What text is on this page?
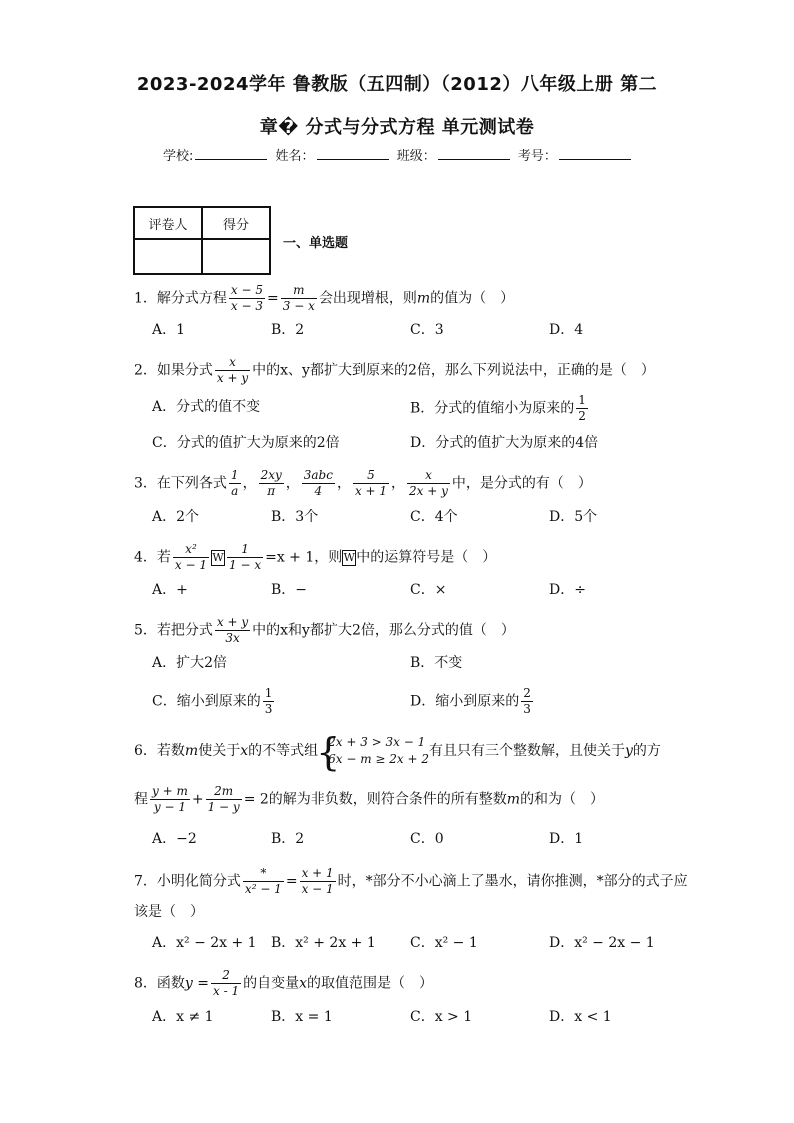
2023-2024学年 鲁教版（五四制）（2012）八年级上册 第二
章� 分式与分式方程 单元测试卷
学校:	姓名：	班级：	考号：
评卷人	得分

一、单选题
1．解分式方程 $\frac{x - 5}{x - 3} = \frac{m}{3 - x}$ 会出现增根，则m的值为（　）
A．1	B．2	C．3	D．4
2．如果分式 $\frac{x}{x + y}$ 中的x、y都扩大到原来的2倍，那么下列说法中，正确的是（　）
A．分式的值不变	B．分式的值缩小为原来的 $\frac{1}{2}$
C．分式的值扩大为原来的2倍	D．分式的值扩大为原来的4倍
3．在下列各式 $\frac{1}{a}$ ， $\frac{2xy}{\pi}$ ， $\frac{\text{3abc}}{4}$ ， $\frac{5}{x + 1}$ ， $\frac{x}{2x + y}$ 中，是分式的有（　）
A．2个	B．3个	C．4个	D．5个
4．若 $\frac{\text{x²}}{x - 1}$ W $\frac{1}{1 - x} =x + 1$，则W中的运算符号是（　）
A．+	B．−	C．×	D．÷
5．若把分式 $\frac{x + y}{3x}$ 中的x和y都扩大2倍，那么分式的值（　）
A．扩大2倍	B．不变
C．缩小到原来的 $\frac{1}{3}$	D．缩小到原来的 $\frac{2}{3}$
6．若数m使关于x的不等式组
{
2x + 3 > 3x − 1
6x − m ≥ 2x + 2 有且只有三个整数解，且使关于y的方
程 $\frac{y + m}{y - 1} + \frac{2m}{1 - y} = 2$的解为非负数，则符合条件的所有整数m的和为（　）
A．−2	B．2	C．0	D．1
7．小明化简分式 $\frac{*}{\text{x² − 1}} = \frac{x + 1}{x - 1}$ 时，*部分不小心滴上了墨水，请你推测，*部分的式子应
该是（　）
A．x² − 2x + 1 B．x² + 2x + 1 C．x² − 1	D．x² − 2x − 1
8．函数$y = \frac{2}{x - 1}$ 的自变量x的取值范围是（　）
A．x ≠ 1	B．x = 1	C．x > 1	D．x < 1
